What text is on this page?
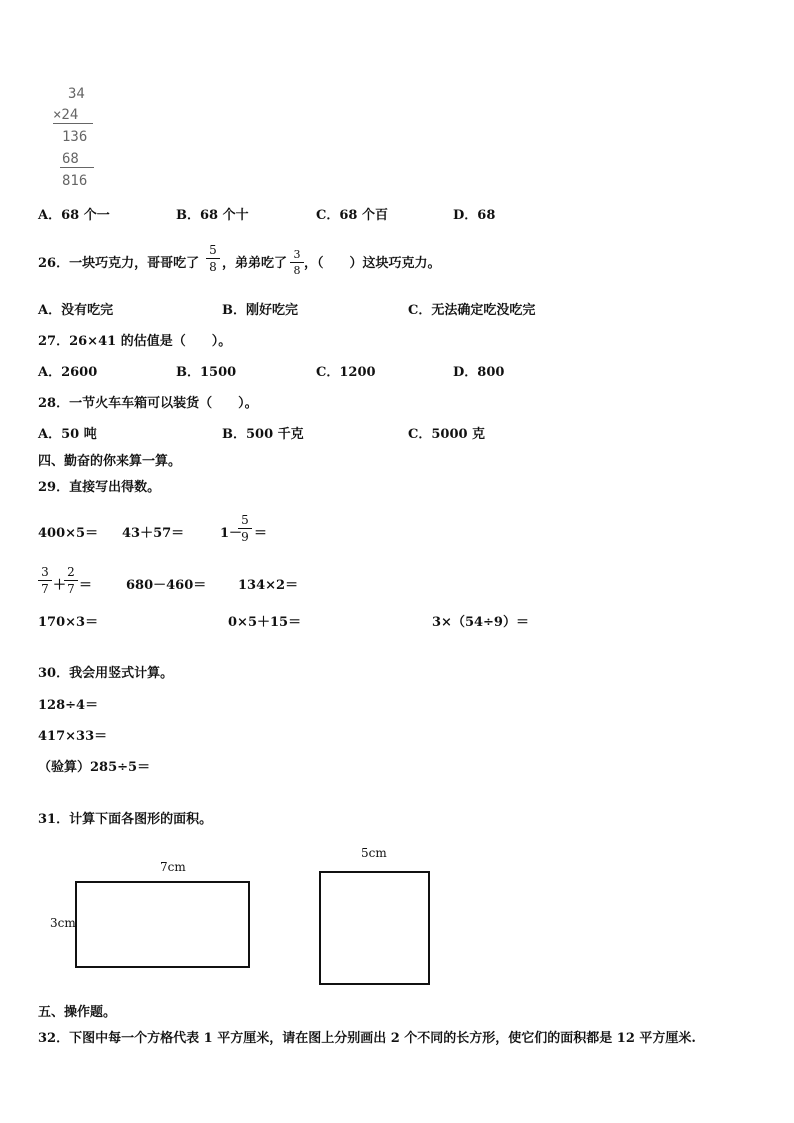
34
×24
136
68
816
A．68 个一	B．68 个十	C．68 个百	D．68
26．一块巧克力，哥哥吃了
5
8 ，弟弟吃了
3
8 ，（　　）这块巧克力。
A．没有吃完	B．刚好吃完	C．无法确定吃没吃完
27．26×41 的估值是（　　）。
A．2600	B．1500	C．1200	D．800
28．一节火车车箱可以装货（　　）。
A．50 吨	B．500 千克	C．5000 克
四、勤奋的你来算一算。
29．直接写出得数。
400×5＝ 43＋57＝	1－
5
9 ＝
3
7 ＋
2
7 ＝	680－460＝ 134×2＝
170×3＝	0×5＋15＝	3×（54÷9）＝
30．我会用竖式计算。
128÷4＝
417×33＝
（验算）285÷5＝
31．计算下面各图形的面积。
7cm
3cm
5cm
五、操作题。
32．下图中每一个方格代表 1 平方厘米，请在图上分别画出 2 个不同的长方形，使它们的面积都是 12 平方厘米.
